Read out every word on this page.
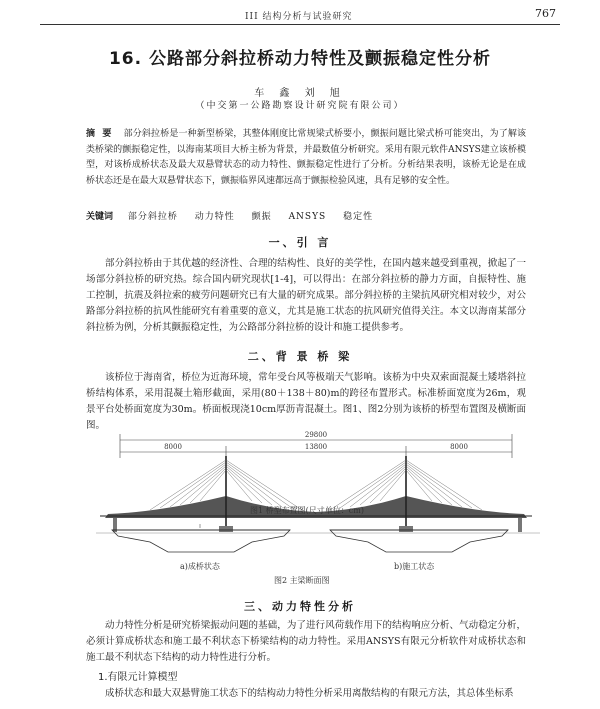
III 结构分析与试验研究	767
16. 公路部分斜拉桥动力特性及颤振稳定性分析
车 鑫 刘 旭
（中交第一公路勘察设计研究院有限公司）
摘 要 部分斜拉桥是一种新型桥梁，其整体刚度比常规梁式桥要小，颤振问题比梁式桥可能突出，为了解该类桥梁的颤振稳定性，以海南某项目大桥主桥为背景，并最数值分析研究。采用有限元软件ANSYS建立该桥模型，对该桥成桥状态及最大双悬臂状态的动力特性、颤振稳定性进行了分析。分析结果表明，该桥无论是在成桥状态还是在最大双悬臂状态下，颤振临界风速都远高于颤振检验风速，具有足够的安全性。
关键词 部分斜拉桥 动力特性 颤振 ANSYS 稳定性
一、引 言
部分斜拉桥由于其优越的经济性、合理的结构性、良好的美学性，在国内越来越受到重视，掀起了一场部分斜拉桥的研究热。综合国内研究现状[1-4]，可以得出：在部分斜拉桥的静力方面，自振特性、施工控制，抗震及斜拉索的疲劳问题研究已有大量的研究成果。部分斜拉桥的主梁抗风研究相对较少，对公路部分斜拉桥的抗风性能研究有着重要的意义，尤其是施工状态的抗风研究值得关注。本文以海南某部分斜拉桥为例，分析其颤振稳定性，为公路部分斜拉桥的设计和施工提供参考。
二、背 景 桥 梁
该桥位于海南省，桥位为近海环境，常年受台风等极端天气影响。该桥为中央双索面混凝土矮塔斜拉桥结构体系，采用混凝土箱形截面，采用(80＋138＋80)m的跨径布置形式。标准桥面宽度为26m，观景平台处桥面宽度为30m。桥面板现浇10cm厚沥青混凝土。图1、图2分别为该桥的桥型布置图及横断面图。
29800
8000	13800	8000
图1 桥型布置图(尺寸单位：cm)
a)成桥状态	b)施工状态
图2 主梁断面图
三、动力特性分析
动力特性分析是研究桥梁振动问题的基础，为了进行风荷载作用下的结构响应分析、气动稳定分析，必须计算成桥状态和施工最不利状态下桥梁结构的动力特性。采用ANSYS有限元分析软件对成桥状态和施工最不利状态下结构的动力特性进行分析。
1.有限元计算模型
成桥状态和最大双悬臂施工状态下的结构动力特性分析采用离散结构的有限元方法，其总体坐标系
